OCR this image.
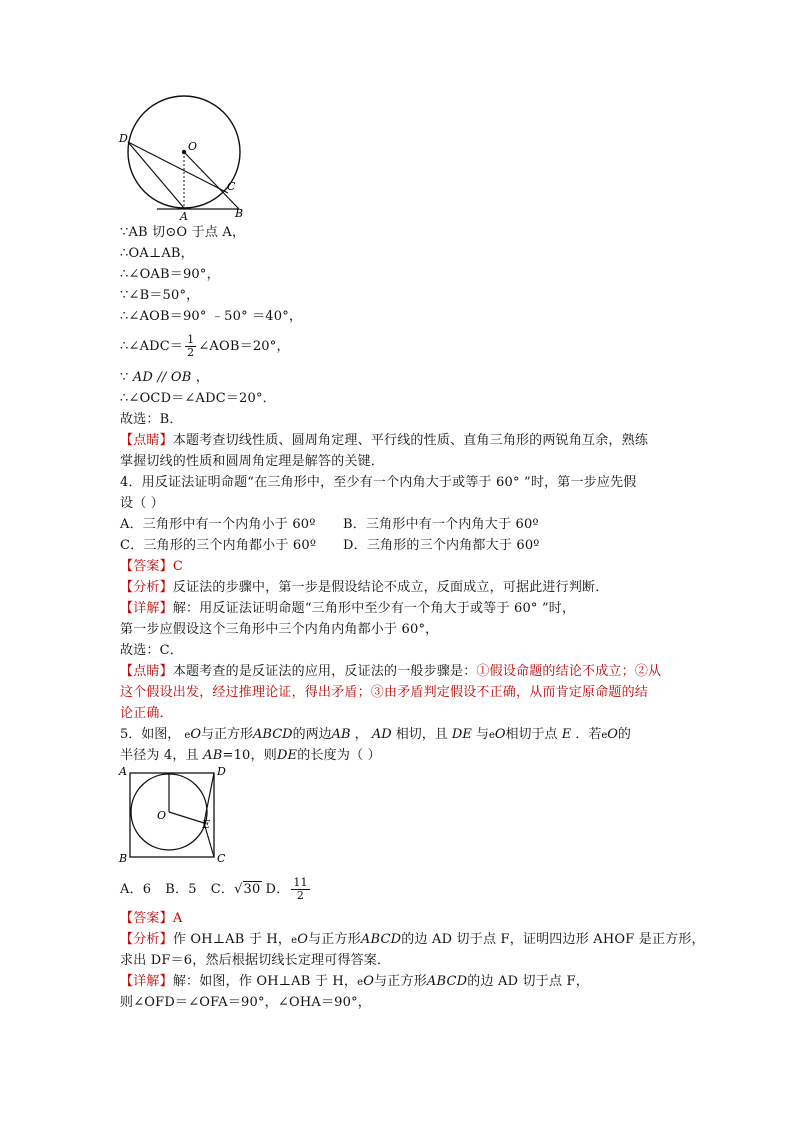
D
O
C
A	B
∵AB 切⊙O 于点 A，
∴OA⊥AB，
∴∠OAB＝90°，
∵∠B＝50°，
∴∠AOB＝90° ﹣50° ＝40°，
∴∠ADC＝ $\frac{1}{2}$ ∠AOB＝20°，
∵ AD // OB ，
∴∠OCD＝∠ADC＝20°．
故选：B．
【点睛】本题考查切线性质、圆周角定理、平行线的性质、直角三角形的两锐角互余，熟练
掌握切线的性质和圆周角定理是解答的关键．
4．用反证法证明命题“在三角形中，至少有一个内角大于或等于 60° ”时，第一步应先假
设（ ）
A．三角形中有一个内角小于 60º B．三角形中有一个内角大于 60º
C．三角形的三个内角都小于 60º D．三角形的三个内角都大于 60º
【答案】C
【分析】反证法的步骤中，第一步是假设结论不成立，反面成立，可据此进行判断．
【详解】解：用反证法证明命题“三角形中至少有一个角大于或等于 60° ”时，
第一步应假设这个三角形中三个内角内角都小于 60°，
故选：C．
【点睛】本题考查的是反证法的应用，反证法的一般步骤是：①假设命题的结论不成立；②从
这个假设出发，经过推理论证，得出矛盾；③由矛盾判定假设不正确，从而肯定原命题的结
论正确．
5．如图， eO与正方形ABCD的两边AB ， AD 相切，且 DE 与eO相切于点 E ．若eO的
半径为 4，且 AB=10，则DE的长度为（ ）
A	D
O
E
B	C
A．6 B．5 C．√30 D． $\frac{11}{2}$
【答案】A
【分析】作 OH⊥AB 于 H，eO与正方形ABCD的边 AD 切于点 F，证明四边形 AHOF 是正方形，
求出 DF＝6，然后根据切线长定理可得答案．
【详解】解：如图，作 OH⊥AB 于 H，eO与正方形ABCD的边 AD 切于点 F，
则∠OFD＝∠OFA＝90°，∠OHA＝90°，
